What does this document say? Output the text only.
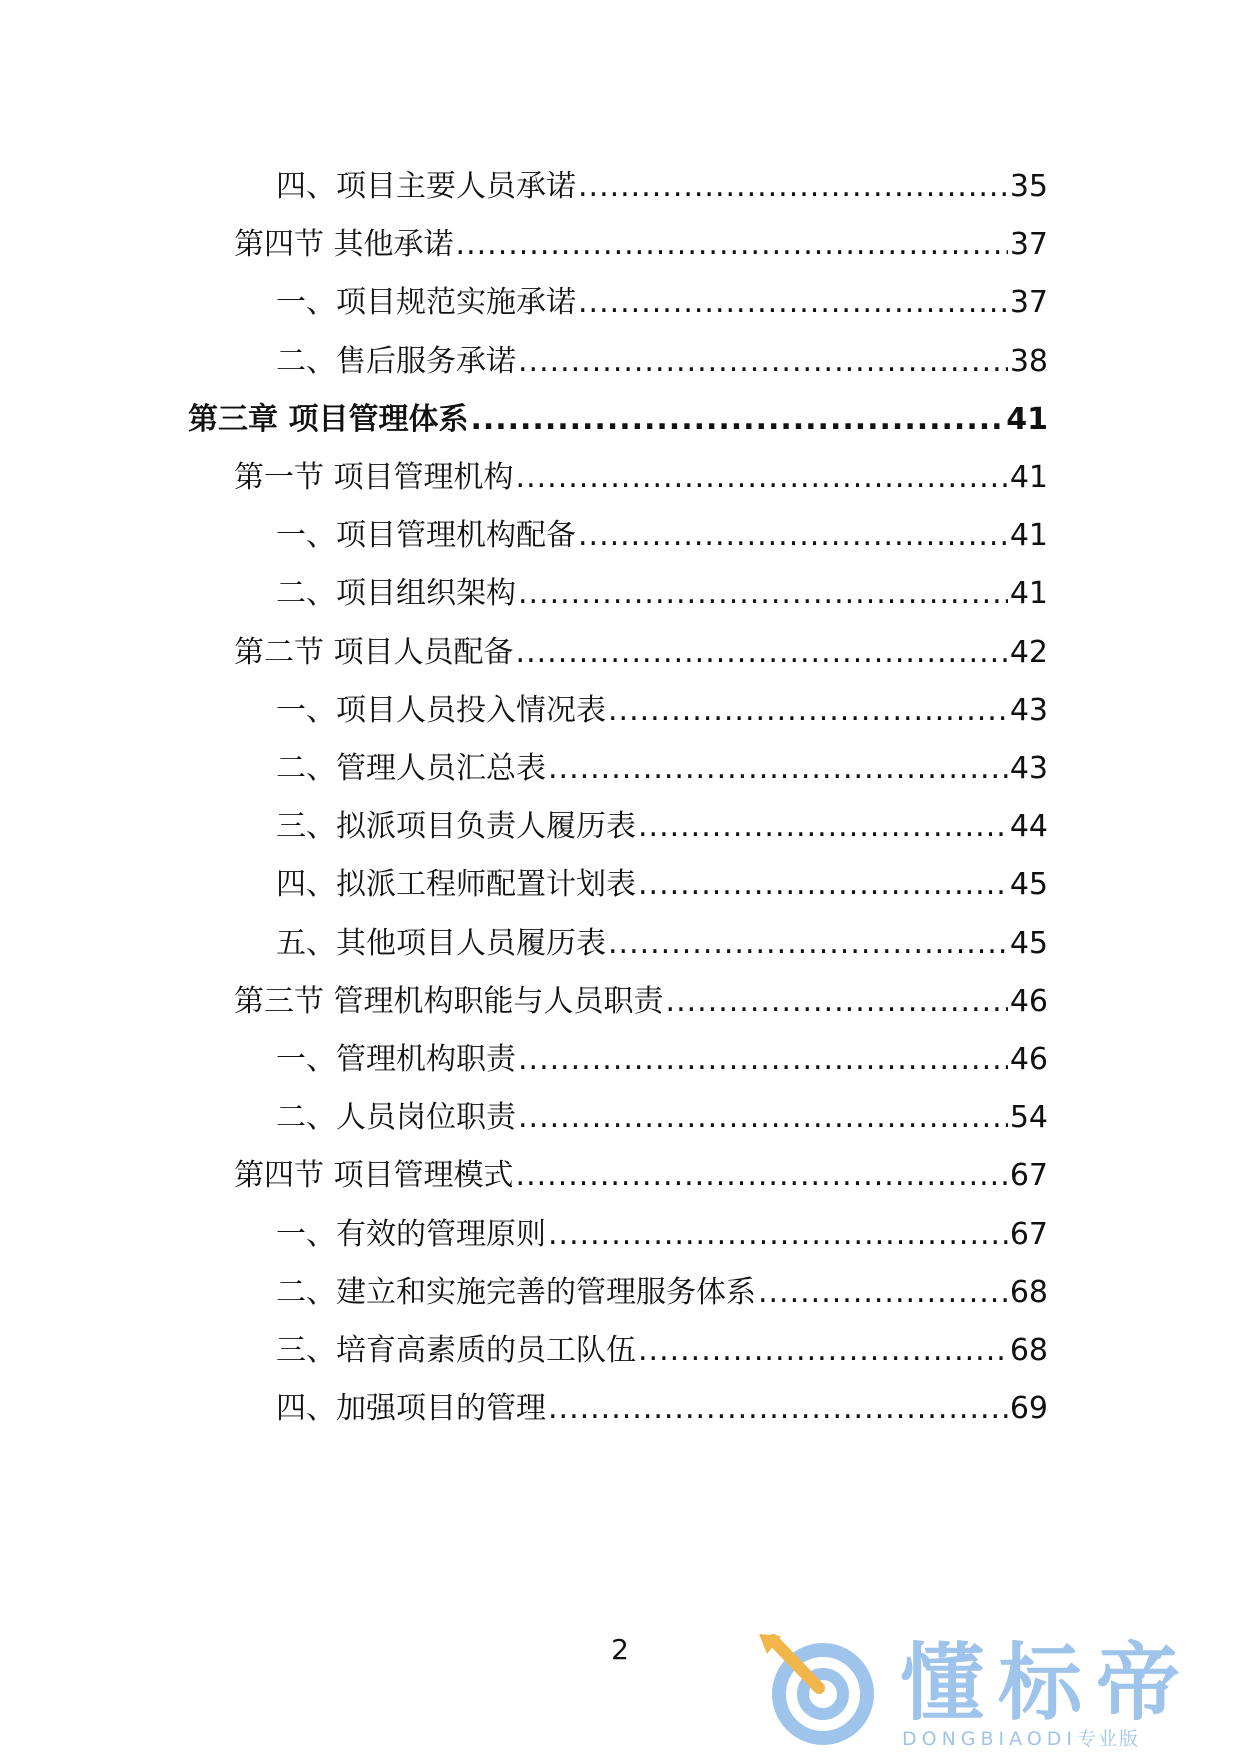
四、项目主要人员承诺 .....	35
第四节 其他承诺 .....	37
一、项目规范实施承诺 .....	37
二、售后服务承诺 .....	38
第三章 项目管理体系 .....	41
第一节 项目管理机构 .....	41
一、项目管理机构配备 .....	41
二、项目组织架构 .....	41
第二节 项目人员配备 .....	42
一、项目人员投入情况表 .....	43
二、管理人员汇总表 .....	43
三、拟派项目负责人履历表 .....	44
四、拟派工程师配置计划表 .....	45
五、其他项目人员履历表 .....	45
第三节 管理机构职能与人员职责 .....	46
一、管理机构职责 .....	46
二、人员岗位职责 .....	54
第四节 项目管理模式 .....	67
一、有效的管理原则 .....	67
二、建立和实施完善的管理服务体系 .....	68
三、培育高素质的员工队伍 .....	68
四、加强项目的管理 .....	69
2	懂标帝
DONGBIAODI专业版
